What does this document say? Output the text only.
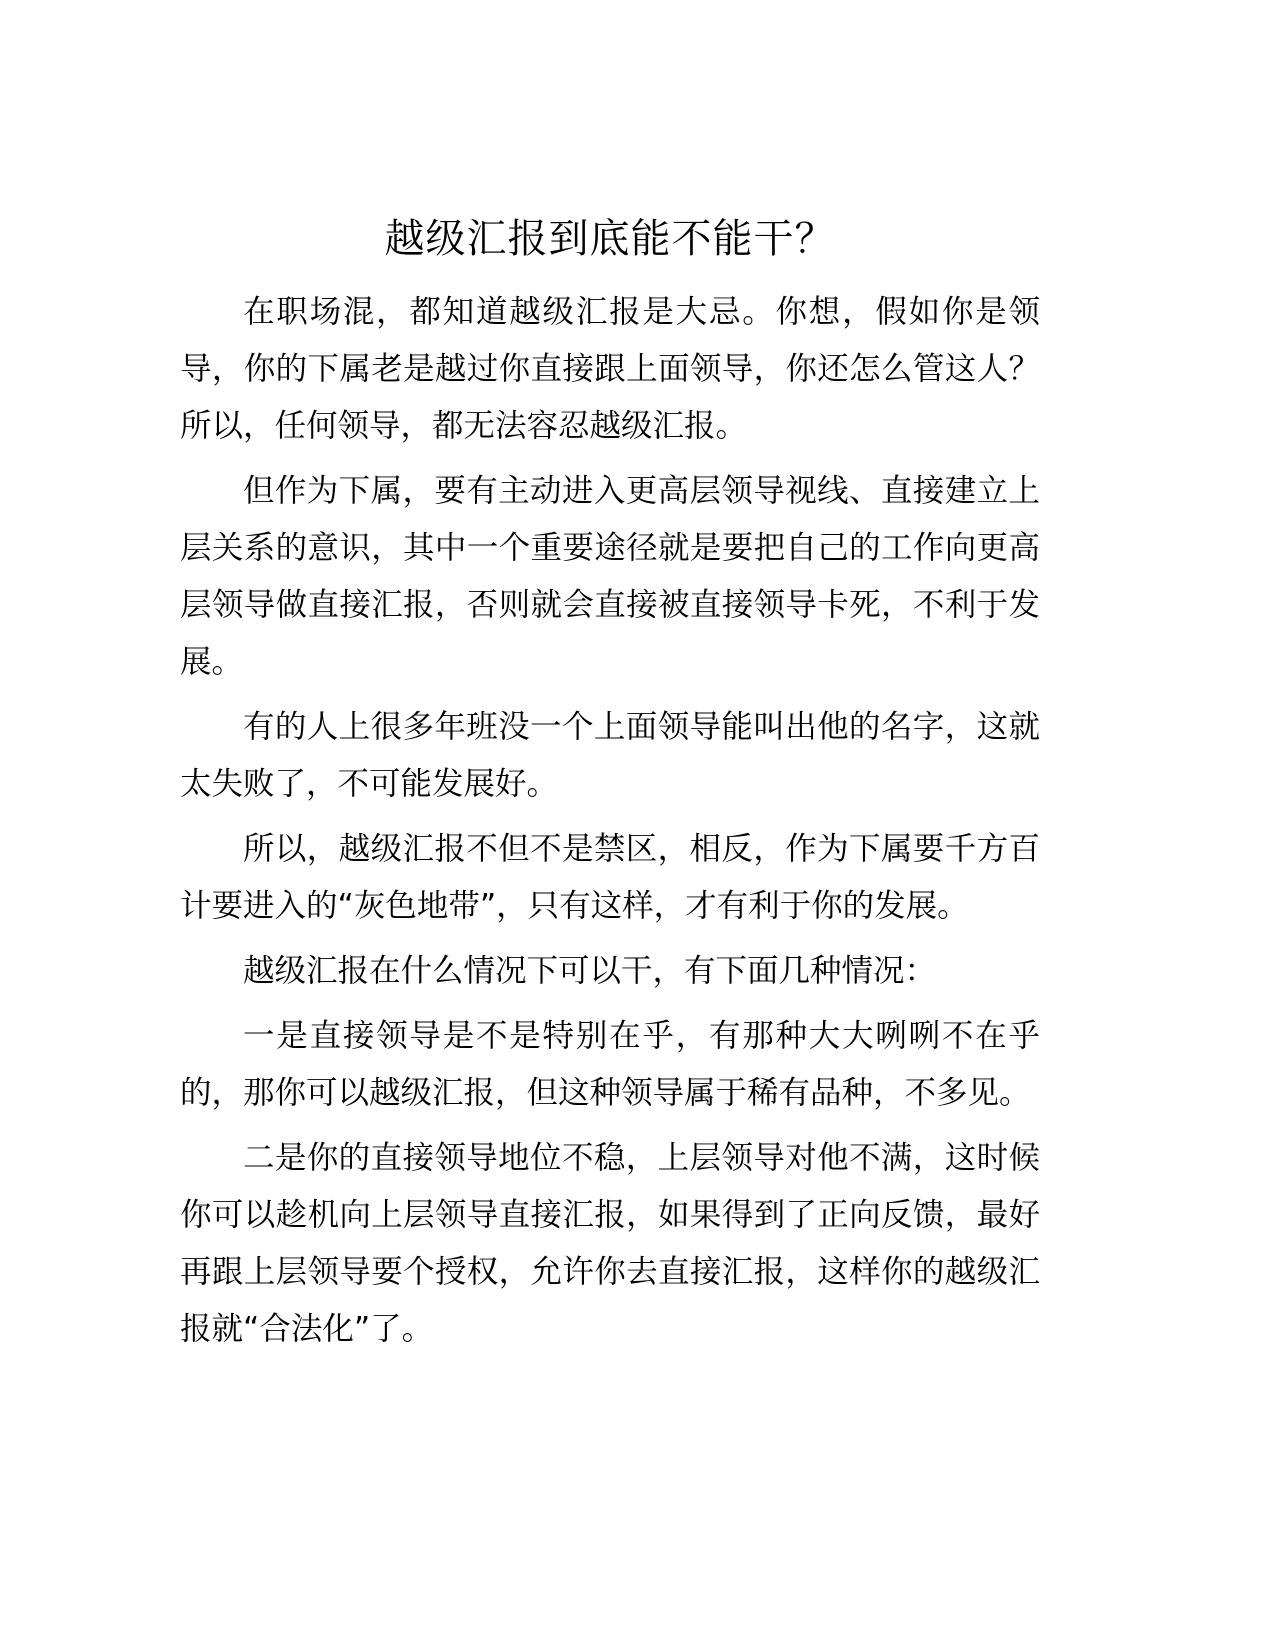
越级汇报到底能不能干？

在职场混，都知道越级汇报是大忌。你想，假如你是领导，你的下属老是越过你直接跟上面领导，你还怎么管这人？所以，任何领导，都无法容忍越级汇报。

但作为下属，要有主动进入更高层领导视线、直接建立上层关系的意识，其中一个重要途径就是要把自己的工作向更高层领导做直接汇报，否则就会直接被直接领导卡死，不利于发展。

有的人上很多年班没一个上面领导能叫出他的名字，这就太失败了，不可能发展好。

所以，越级汇报不但不是禁区，相反，作为下属要千方百计要进入的“灰色地带”，只有这样，才有利于你的发展。

越级汇报在什么情况下可以干，有下面几种情况：

一是直接领导是不是特别在乎，有那种大大咧咧不在乎的，那你可以越级汇报，但这种领导属于稀有品种，不多见。

二是你的直接领导地位不稳，上层领导对他不满，这时候你可以趁机向上层领导直接汇报，如果得到了正向反馈，最好再跟上层领导要个授权，允许你去直接汇报，这样你的越级汇报就“合法化”了。
